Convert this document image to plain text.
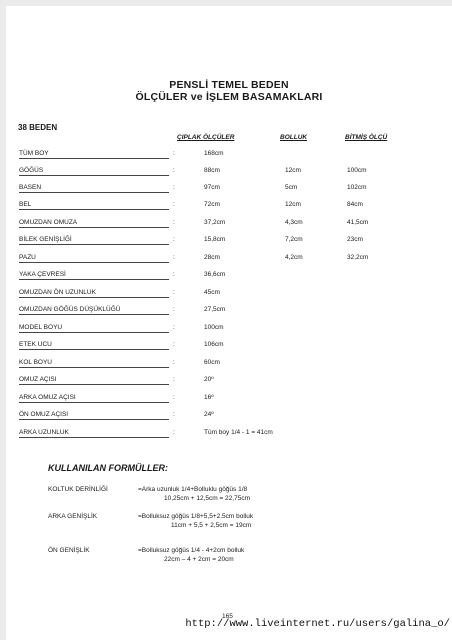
PENSLİ TEMEL BEDEN
ÖLÇÜLER ve İŞLEM BASAMAKLARI
38 BEDEN
ÇIPLAK ÖLÇÜLER	BOLLUK	BİTMİŞ ÖLÇÜ
TÜM BOY	:	168cm
GÖĞÜS	:	88cm	12cm	100cm
BASEN	:	97cm	5cm	102cm
BEL	:	72cm	12cm	84cm
OMUZDAN OMUZA	:	37,2cm	4,3cm	41,5cm
BİLEK GENİŞLİĞİ	:	15,8cm	7,2cm	23cm
PAZU	:	28cm	4,2cm	32,2cm
YAKA ÇEVRESİ	:	36,6cm
OMUZDAN ÖN UZUNLUK	:	45cm
OMUZDAN GÖĞÜS DÜŞÜKLÜĞÜ	:	27,5cm
MODEL BOYU	:	100cm
ETEK UCU	:	106cm
KOL BOYU	:	60cm
OMUZ AÇISI	:	20º
ARKA OMUZ AÇISI	:	16º
ÖN OMUZ AÇISI	:	24º
ARKA UZUNLUK	:	Tüm boy 1/4 - 1 = 41cm
KULLANILAN FORMÜLLER:
KOLTUK DERİNLİĞİ	=Arka uzunluk 1/4+Bolluklu göğüs 1/8
10,25cm + 12,5cm = 22,75cm
ARKA GENİŞLİK	=Bolluksuz göğüs 1/8+5,5+2.5cm bolluk
11cm + 5,5 + 2,5cm = 19cm
ÖN GENİŞLİK	=Bolluksuz göğüs 1/4 - 4+2cm bolluk
22cm – 4 + 2cm = 20cm
165
http://www.liveinternet.ru/users/galina_o/
